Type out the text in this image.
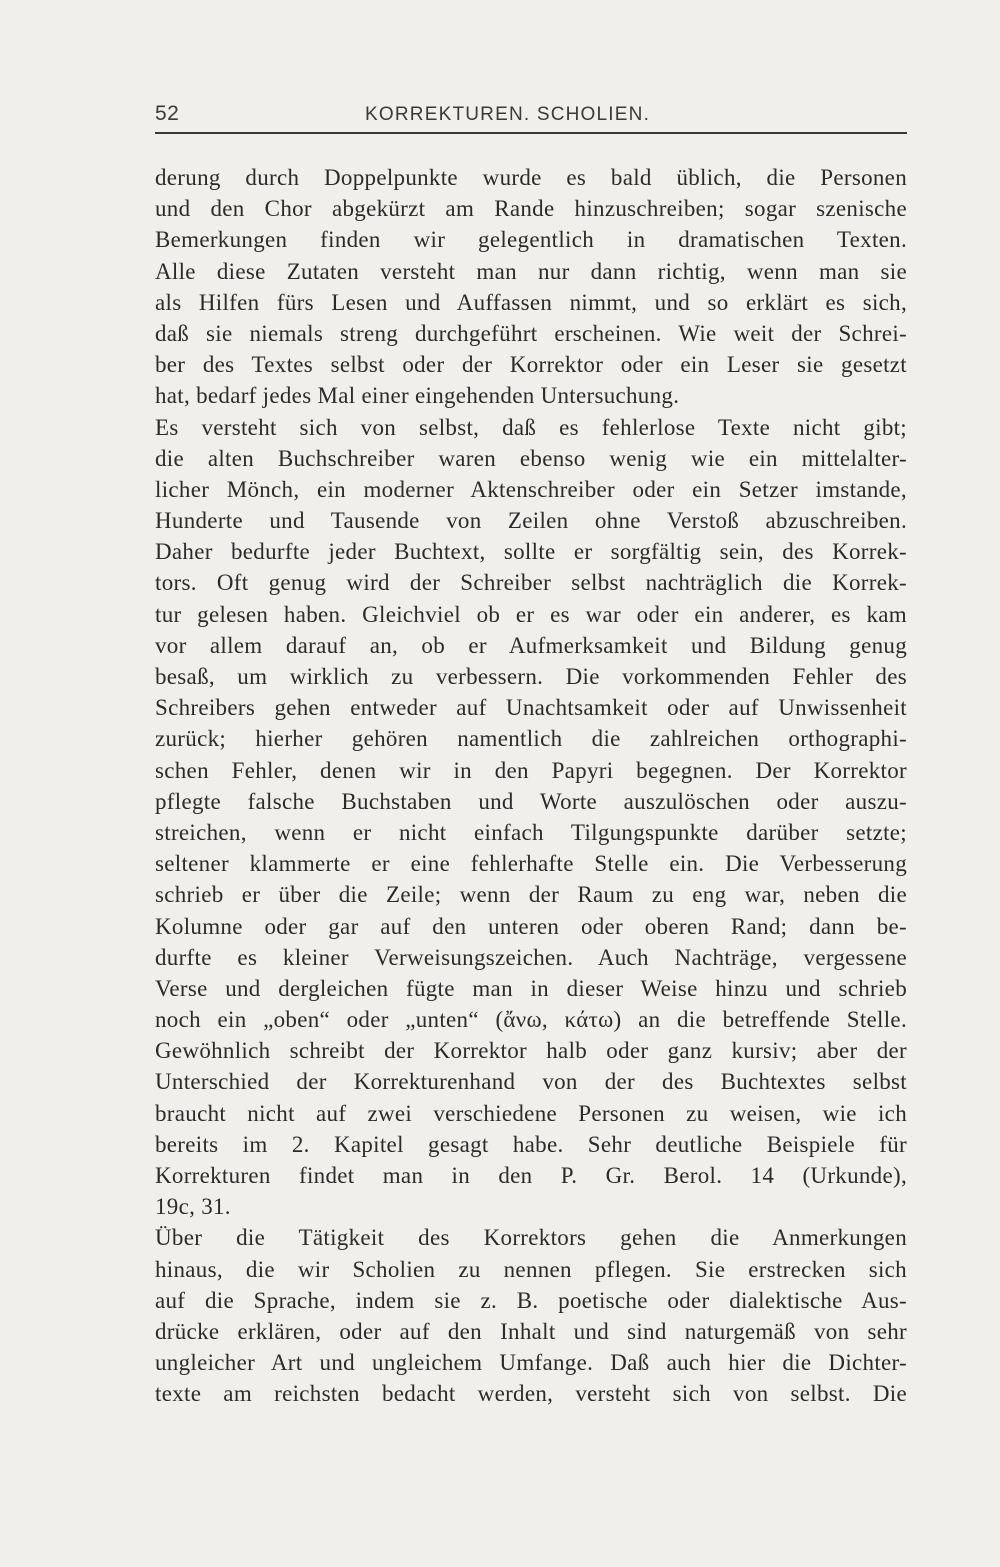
52	KORREKTUREN. SCHOLIEN.
derung durch Doppelpunkte wurde es bald üblich, die Personen
und den Chor abgekürzt am Rande hinzuschreiben; sogar szenische
Bemerkungen finden wir gelegentlich in dramatischen Texten.
Alle diese Zutaten versteht man nur dann richtig, wenn man sie
als Hilfen fürs Lesen und Auffassen nimmt, und so erklärt es sich,
daß sie niemals streng durchgeführt erscheinen. Wie weit der Schrei-
ber des Textes selbst oder der Korrektor oder ein Leser sie gesetzt
hat, bedarf jedes Mal einer eingehenden Untersuchung.
Es versteht sich von selbst, daß es fehlerlose Texte nicht gibt;
die alten Buchschreiber waren ebenso wenig wie ein mittelalter-
licher Mönch, ein moderner Aktenschreiber oder ein Setzer imstande,
Hunderte und Tausende von Zeilen ohne Verstoß abzuschreiben.
Daher bedurfte jeder Buchtext, sollte er sorgfältig sein, des Korrek-
tors. Oft genug wird der Schreiber selbst nachträglich die Korrek-
tur gelesen haben. Gleichviel ob er es war oder ein anderer, es kam
vor allem darauf an, ob er Aufmerksamkeit und Bildung genug
besaß, um wirklich zu verbessern. Die vorkommenden Fehler des
Schreibers gehen entweder auf Unachtsamkeit oder auf Unwissenheit
zurück; hierher gehören namentlich die zahlreichen orthographi-
schen Fehler, denen wir in den Papyri begegnen. Der Korrektor
pflegte falsche Buchstaben und Worte auszulöschen oder auszu-
streichen, wenn er nicht einfach Tilgungspunkte darüber setzte;
seltener klammerte er eine fehlerhafte Stelle ein. Die Verbesserung
schrieb er über die Zeile; wenn der Raum zu eng war, neben die
Kolumne oder gar auf den unteren oder oberen Rand; dann be-
durfte es kleiner Verweisungszeichen. Auch Nachträge, vergessene
Verse und dergleichen fügte man in dieser Weise hinzu und schrieb
noch ein „oben“ oder „unten“ (ἄνω, κάτω) an die betreffende Stelle.
Gewöhnlich schreibt der Korrektor halb oder ganz kursiv; aber der
Unterschied der Korrekturenhand von der des Buchtextes selbst
braucht nicht auf zwei verschiedene Personen zu weisen, wie ich
bereits im 2. Kapitel gesagt habe. Sehr deutliche Beispiele für
Korrekturen findet man in den P. Gr. Berol. 14 (Urkunde),
19c, 31.
Über die Tätigkeit des Korrektors gehen die Anmerkungen
hinaus, die wir Scholien zu nennen pflegen. Sie erstrecken sich
auf die Sprache, indem sie z. B. poetische oder dialektische Aus-
drücke erklären, oder auf den Inhalt und sind naturgemäß von sehr
ungleicher Art und ungleichem Umfange. Daß auch hier die Dichter-
texte am reichsten bedacht werden, versteht sich von selbst. Die
